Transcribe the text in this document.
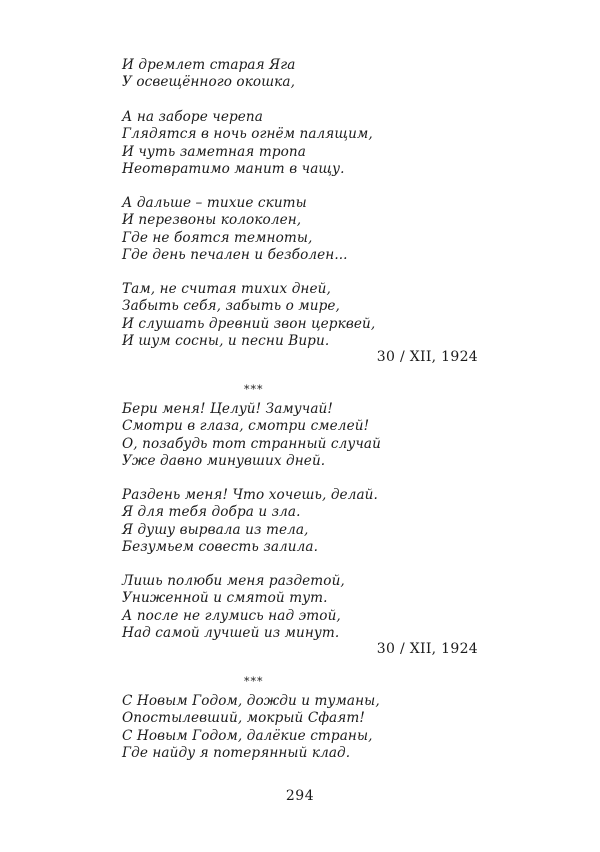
И дремлет старая Яга
У освещённого окошка,
А на заборе черепа
Глядятся в ночь огнём палящим,
И чуть заметная тропа
Неотвратимо манит в чащу.
А дальше – тихие скиты
И перезвоны колоколен,
Где не боятся темноты,
Где день печален и безболен...
Там, не считая тихих дней,
Забыть себя, забыть о мире,
И слушать древний звон церквей,
И шум сосны, и песни Вири.
30 / XII, 1924
***
Бери меня! Целуй! Замучай!
Смотри в глаза, смотри смелей!
О, позабудь тот странный случай
Уже давно минувших дней.
Раздень меня! Что хочешь, делай.
Я для тебя добра и зла.
Я душу вырвала из тела,
Безумьем совесть залила.
Лишь полюби меня раздетой,
Униженной и смятой тут.
А после не глумись над этой,
Над самой лучшей из минут.
30 / XII, 1924
***
С Новым Годом, дожди и туманы,
Опостылевший, мокрый Сфаят!
С Новым Годом, далёкие страны,
Где найду я потерянный клад.
294
